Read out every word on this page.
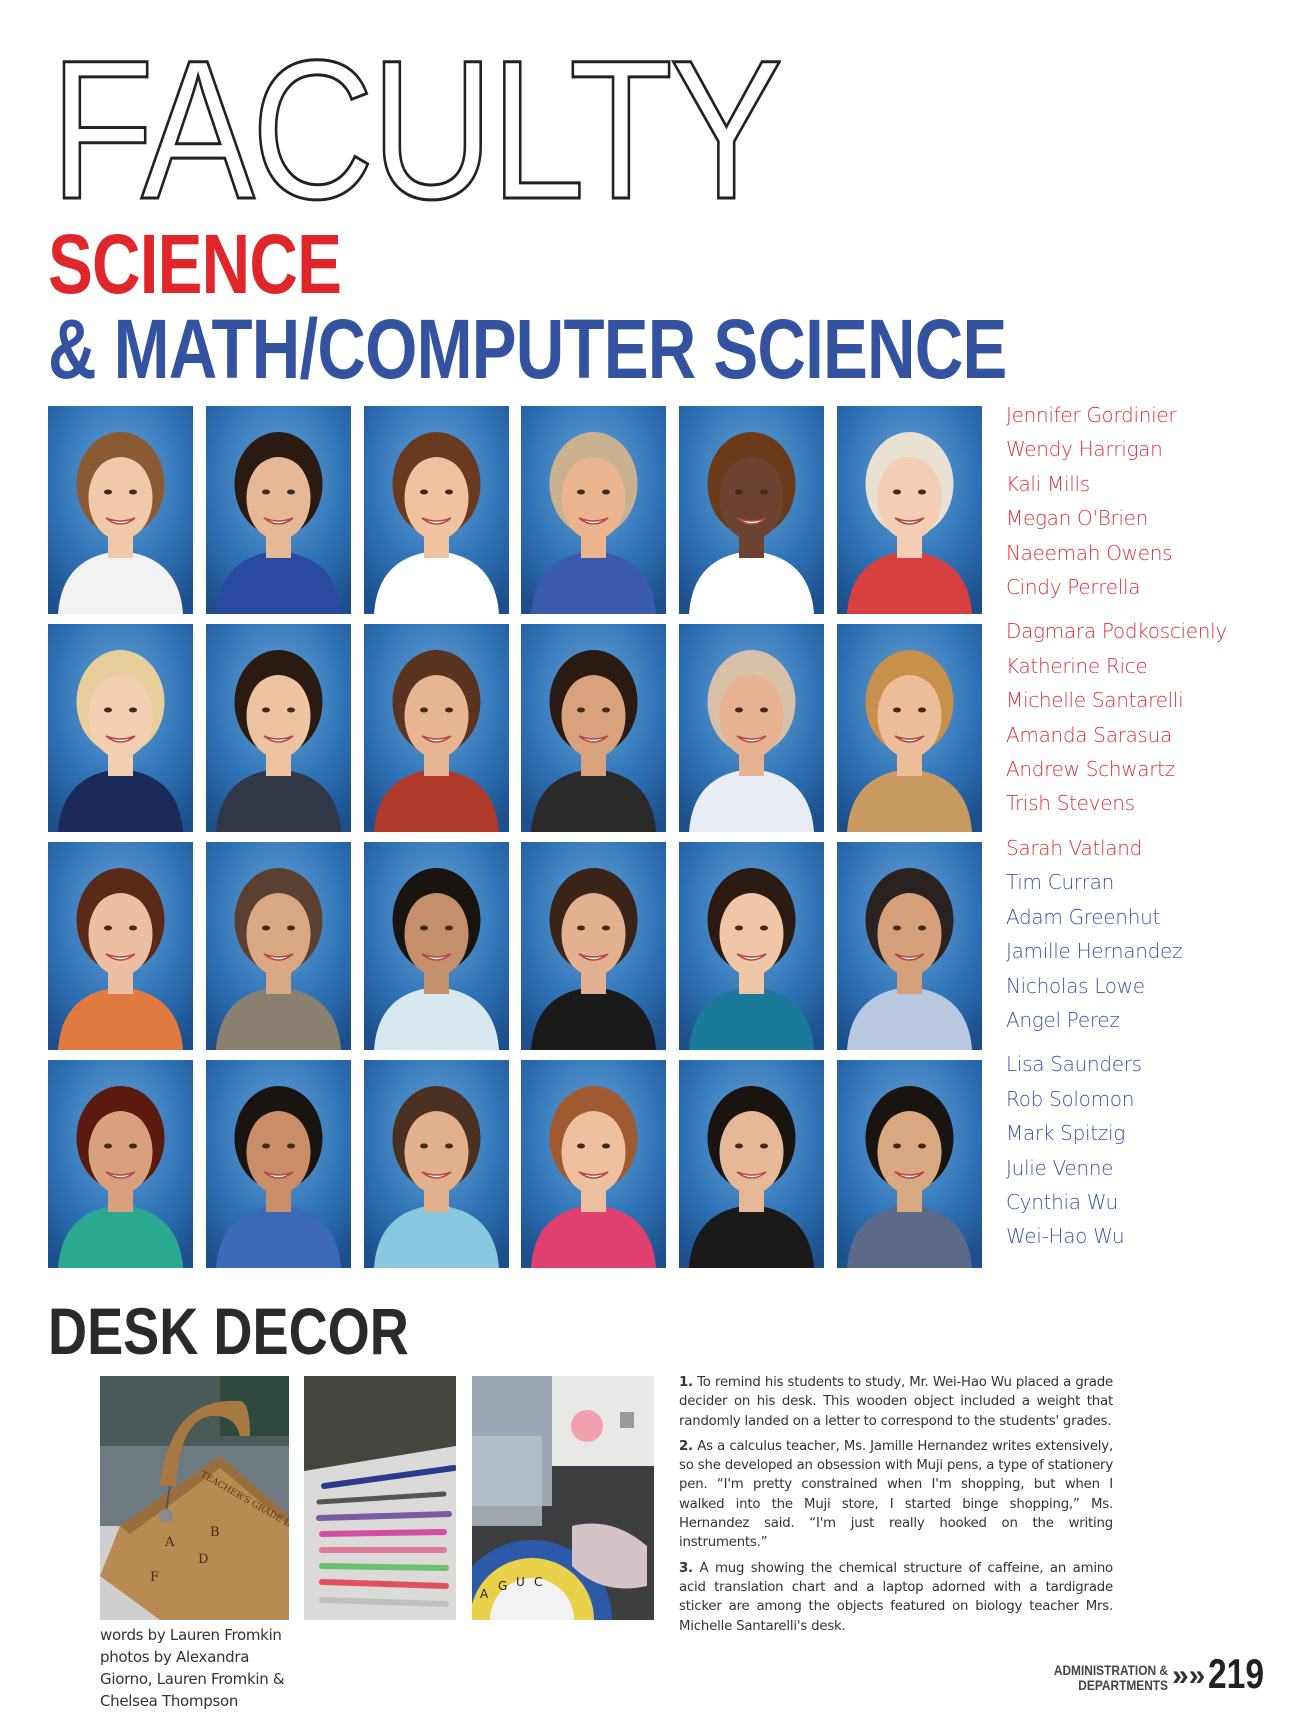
FACULTY
SCIENCE
& MATH/COMPUTER SCIENCE
Jennifer Gordinier
Wendy Harrigan
Kali Mills
Megan O'Brien
Naeemah Owens
Cindy Perrella
Dagmara Podkoscienly
Katherine Rice
Michelle Santarelli
Amanda Sarasua
Andrew Schwartz
Trish Stevens
Sarah Vatland
Tim Curran
Adam Greenhut
Jamille Hernandez
Nicholas Lowe
Angel Perez
Lisa Saunders
Rob Solomon
Mark Spitzig
Julie Venne
Cynthia Wu
Wei-Hao Wu
DESK DECOR
A
B
D
F
A
G U C

1. To remind his students to study, Mr. Wei-Hao Wu placed a grade decider on his desk. This wooden object included a weight that randomly landed on a letter to correspond to the students' grades.

2. As a calculus teacher, Ms. Jamille Hernandez writes extensively, so she developed an obsession with Muji pens, a type of stationery pen. “I'm pretty constrained when I'm shopping, but when I walked into the Muji store, I started binge shopping,” Ms. Hernandez said. “I'm just really hooked on the writing instruments.”

3. A mug showing the chemical structure of caffeine, an amino acid translation chart and a laptop adorned with a tardigrade sticker are among the objects featured on biology teacher Mrs. Michelle Santarelli's desk.

words by Lauren Fromkin
photos by Alexandra Giorno, Lauren Fromkin & Chelsea Thompson
ADMINISTRATION &
DEPARTMENTS »» 219
